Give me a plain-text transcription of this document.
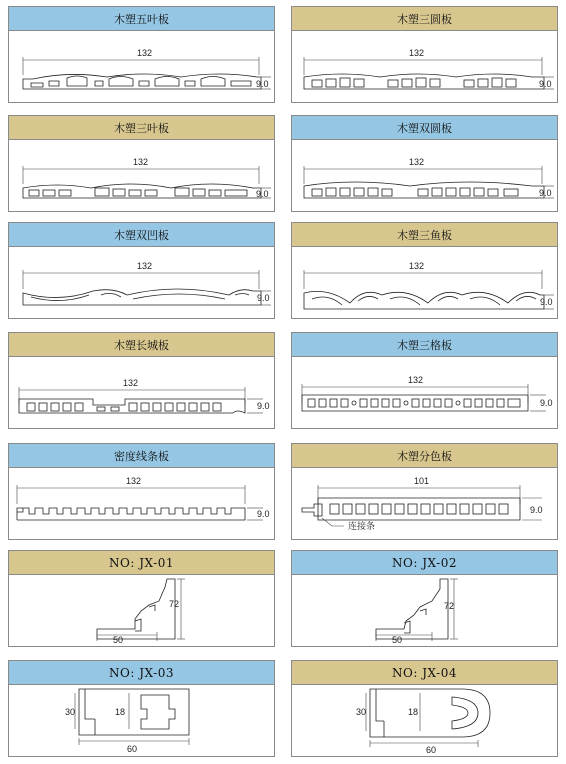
木塑五叶板
132
9.0
木塑三圆板
132
9.0
木塑三叶板
132
9.0
木塑双圆板
132
9.0
木塑双凹板
132
9.0
木塑三鱼板
132
9.0
木塑长城板
132
9.0
木塑三格板
132
9.0
密度线条板
132
9.0
木塑分色板
101
9.0
连接条
NO: JX-01
72
50
NO: JX-02
72
50
NO: JX-03
30	18
60
NO: JX-04
30	18
60
